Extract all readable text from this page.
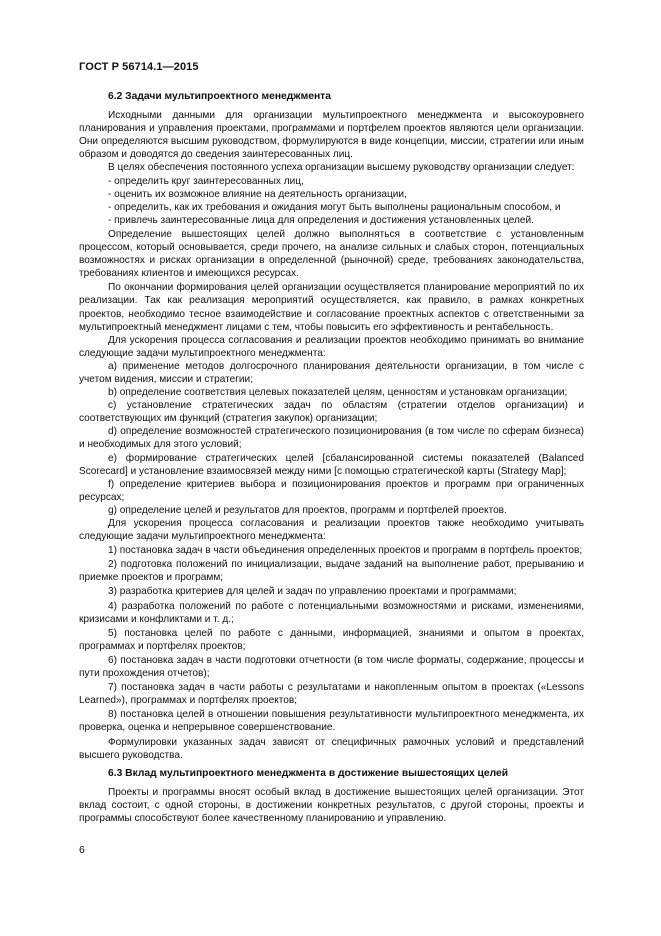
ГОСТ Р 56714.1—2015
6.2 Задачи мультипроектного менеджмента

Исходными данными для организации мультипроектного менеджмента и высокоуровнего планирования и управления проектами, программами и портфелем проектов являются цели организации. Они определяются высшим руководством, формулируются в виде концепции, миссии, стратегии или иным образом и доводятся до сведения заинтересованных лиц.

В целях обеспечения постоянного успеха организации высшему руководству организации следует:

- определить круг заинтересованных лиц,

- оценить их возможное влияние на деятельность организации,

- определить, как их требования и ожидания могут быть выполнены рациональным способом, и

- привлечь заинтересованные лица для определения и достижения установленных целей.

Определение вышестоящих целей должно выполняться в соответствие с установленным процессом, который основывается, среди прочего, на анализе сильных и слабых сторон, потенциальных возможностях и рисках организации в определенной (рыночной) среде, требованиях законодательства, требованиях клиентов и имеющихся ресурсах.

По окончании формирования целей организации осуществляется планирование мероприятий по их реализации. Так как реализация мероприятий осуществляется, как правило, в рамках конкретных проектов, необходимо тесное взаимодействие и согласование проектных аспектов с ответственными за мультипроектный менеджмент лицами с тем, чтобы повысить его эффективность и рентабельность.

Для ускорения процесса согласования и реализации проектов необходимо принимать во внимание следующие задачи мультипроектного менеджмента:

а) применение методов долгосрочного планирования деятельности организации, в том числе с учетом видения, миссии и стратегии;

b) определение соответствия целевых показателей целям, ценностям и установкам организации;

с) установление стратегических задач по областям (стратегии отделов организации) и соответствующих им функций (стратегия закупок) организации;

d) определение возможностей стратегического позиционирования (в том числе по сферам бизнеса) и необходимых для этого условий;

е) формирование стратегических целей [сбалансированной системы показателей (Balanced Scorecard] и установление взаимосвязей между ними [с помощью стратегической карты (Strategy Map];

f) определение критериев выбора и позиционирования проектов и программ при ограниченных ресурсах;

g) определение целей и результатов для проектов, программ и портфелей проектов.

Для ускорения процесса согласования и реализации проектов также необходимо учитывать следующие задачи мультипроектного менеджмента:

1) постановка задач в части объединения определенных проектов и программ в портфель проектов;

2) подготовка положений по инициализации, выдаче заданий на выполнение работ, прерыванию и приемке проектов и программ;

3) разработка критериев для целей и задач по управлению проектами и программами;

4) разработка положений по работе с потенциальными возможностями и рисками, изменениями, кризисами и конфликтами и т. д.;

5) постановка целей по работе с данными, информацией, знаниями и опытом в проектах, программах и портфелях проектов;

6) постановка задач в части подготовки отчетности (в том числе форматы, содержание, процессы и пути прохождения отчетов);

7) постановка задач в части работы с результатами и накопленным опытом в проектах («Lessons Learned»), программах и портфелях проектов;

8) постановка целей в отношении повышения результативности мультипроектного менеджмента, их проверка, оценка и непрерывное совершенствование.

Формулировки указанных задач зависят от специфичных рамочных условий и представлений высшего руководства.

6.3 Вклад мультипроектного менеджмента в достижение вышестоящих целей

Проекты и программы вносят особый вклад в достижение вышестоящих целей организации. Этот вклад состоит, с одной стороны, в достижении конкретных результатов, с другой стороны, проекты и программы способствуют более качественному планированию и управлению.

6
